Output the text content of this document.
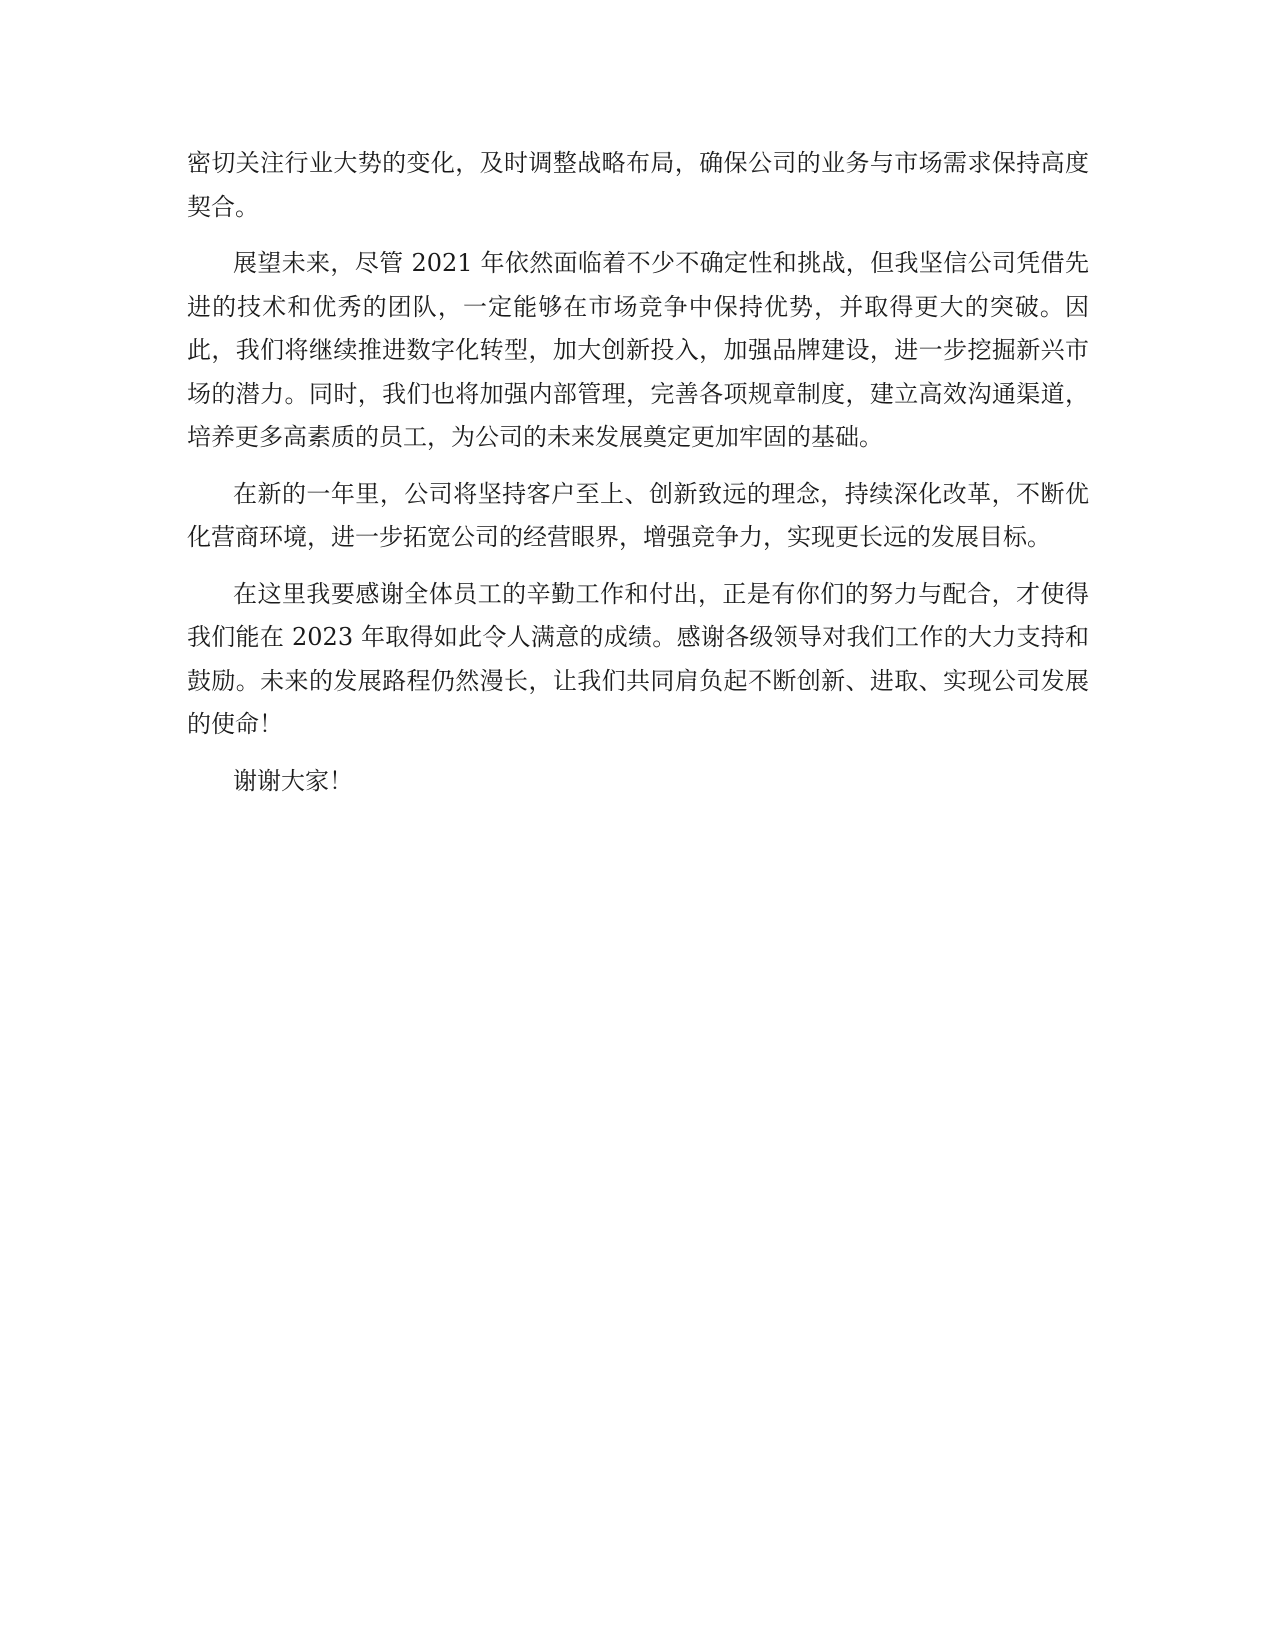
密切关注行业大势的变化，及时调整战略布局，确保公司的业务与市场需求保持高度契合。

展望未来，尽管 2021 年依然面临着不少不确定性和挑战，但我坚信公司凭借先进的技术和优秀的团队，一定能够在市场竞争中保持优势，并取得更大的突破。因此，我们将继续推进数字化转型，加大创新投入，加强品牌建设，进一步挖掘新兴市场的潜力。同时，我们也将加强内部管理，完善各项规章制度，建立高效沟通渠道，培养更多高素质的员工，为公司的未来发展奠定更加牢固的基础。

在新的一年里，公司将坚持客户至上、创新致远的理念，持续深化改革，不断优化营商环境，进一步拓宽公司的经营眼界，增强竞争力，实现更长远的发展目标。

在这里我要感谢全体员工的辛勤工作和付出，正是有你们的努力与配合，才使得我们能在 2023 年取得如此令人满意的成绩。感谢各级领导对我们工作的大力支持和鼓励。未来的发展路程仍然漫长，让我们共同肩负起不断创新、进取、实现公司发展的使命！

谢谢大家！
